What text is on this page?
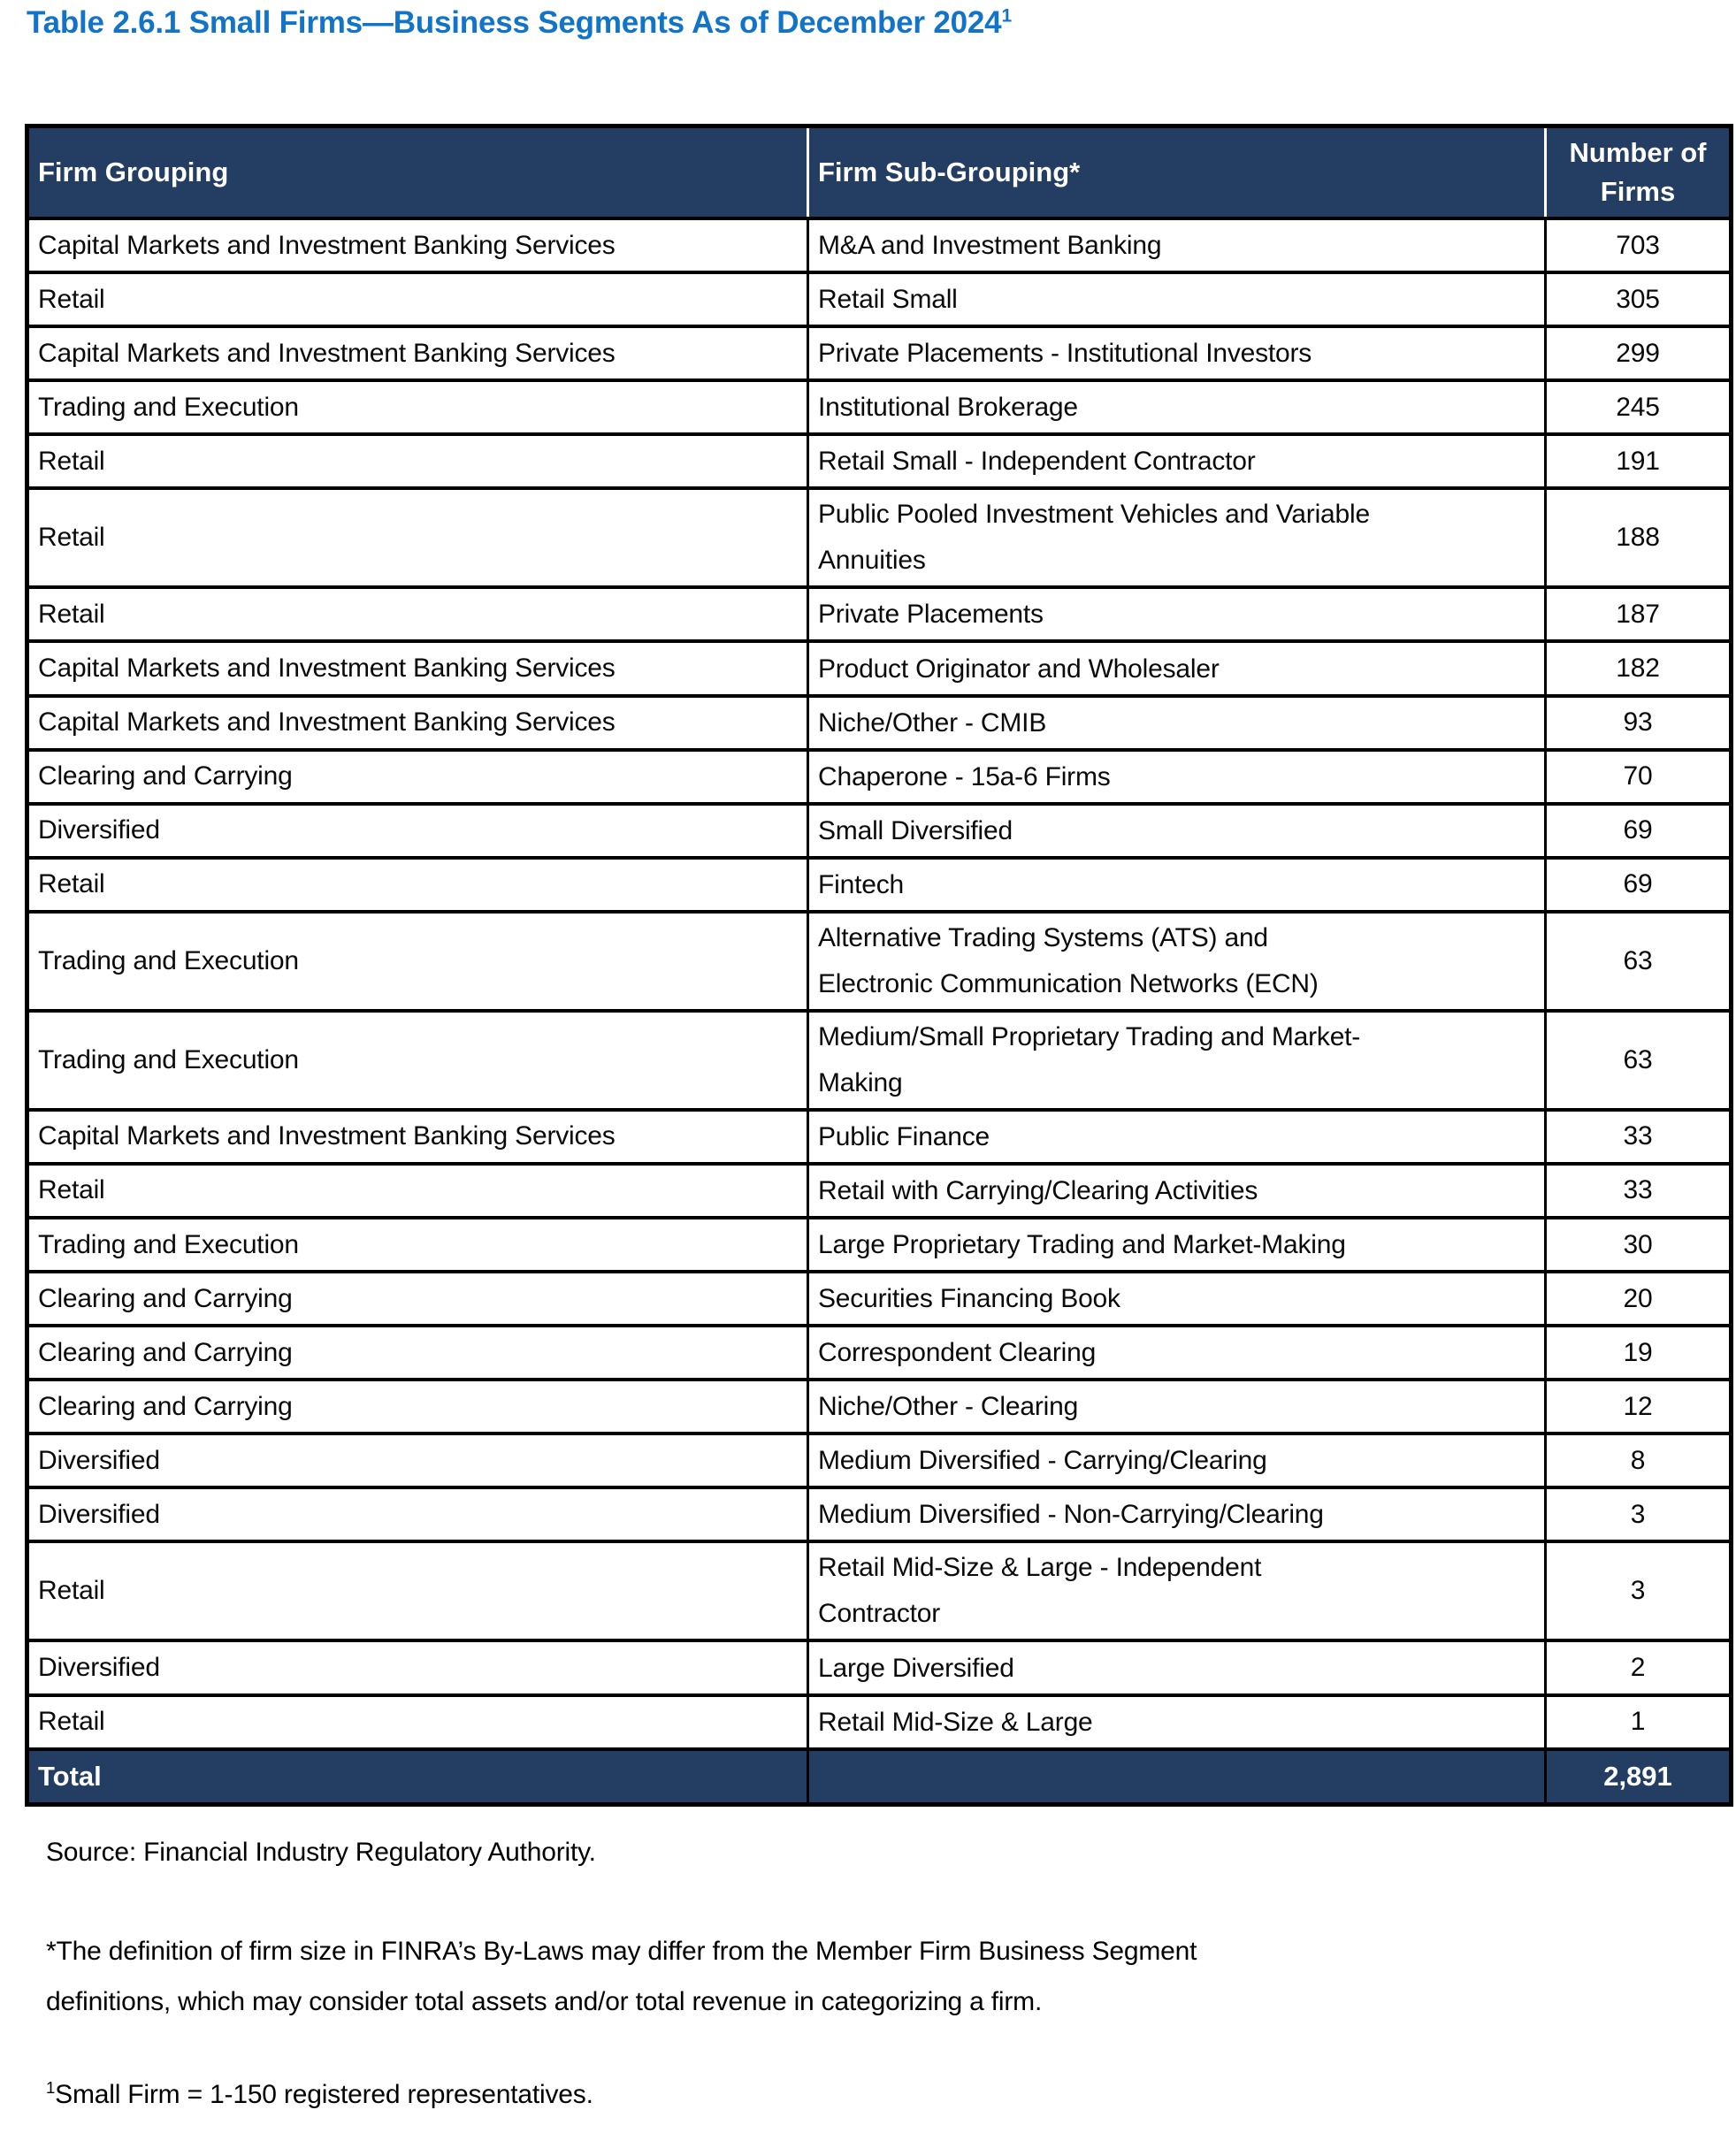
Table 2.6.1 Small Firms—Business Segments As of December 2024$^1$
Firm Grouping	Firm Sub-Grouping*	Number of Firms
Capital Markets and Investment Banking Services	M&A and Investment Banking	703
Retail	Retail Small	305
Capital Markets and Investment Banking Services	Private Placements - Institutional Investors	299
Trading and Execution	Institutional Brokerage	245
Retail	Retail Small - Independent Contractor	191
Retail	Public Pooled Investment Vehicles and Variable Annuities	188
Retail	Private Placements	187
Capital Markets and Investment Banking Services	Product Originator and Wholesaler	182
Capital Markets and Investment Banking Services	Niche/Other - CMIB	93
Clearing and Carrying	Chaperone - 15a-6 Firms	70
Diversified	Small Diversified	69
Retail	Fintech	69
Trading and Execution	Alternative Trading Systems (ATS) and Electronic Communication Networks (ECN)	63
Trading and Execution	Medium/Small Proprietary Trading and Market-Making	63
Capital Markets and Investment Banking Services	Public Finance	33
Retail	Retail with Carrying/Clearing Activities	33
Trading and Execution	Large Proprietary Trading and Market-Making	30
Clearing and Carrying	Securities Financing Book	20
Clearing and Carrying	Correspondent Clearing	19
Clearing and Carrying	Niche/Other - Clearing	12
Diversified	Medium Diversified - Carrying/Clearing	8
Diversified	Medium Diversified - Non-Carrying/Clearing	3
Retail	Retail Mid-Size & Large - Independent Contractor	3
Diversified	Large Diversified	2
Retail	Retail Mid-Size & Large	1
Total		2,891
Source: Financial Industry Regulatory Authority.
*The definition of firm size in FINRA’s By-Laws may differ from the Member Firm Business Segment definitions, which may consider total assets and/or total revenue in categorizing a firm.
$^1$Small Firm = 1-150 registered representatives.
